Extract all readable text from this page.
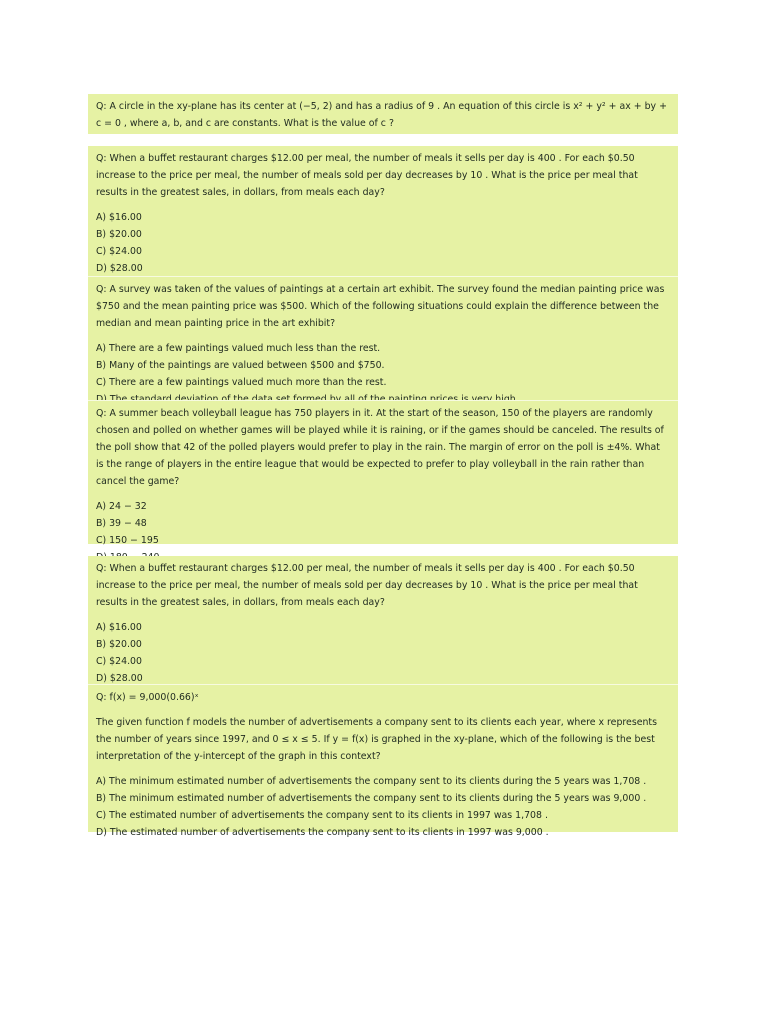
Q: A circle in the xy-plane has its center at (−5, 2) and has a radius of 9 . An equation of this circle is x² + y² + ax + by + c = 0 , where a, b, and c are constants. What is the value of c ?

Q: When a buffet restaurant charges $12.00 per meal, the number of meals it sells per day is 400 . For each $0.50 increase to the price per meal, the number of meals sold per day decreases by 10 . What is the price per meal that results in the greatest sales, in dollars, from meals each day?

A) $16.00
B) $20.00
C) $24.00
D) $28.00

Q: A survey was taken of the values of paintings at a certain art exhibit. The survey found the median painting price was $750 and the mean painting price was $500. Which of the following situations could explain the difference between the median and mean painting price in the art exhibit?

A) There are a few paintings valued much less than the rest.
B) Many of the paintings are valued between $500 and $750.
C) There are a few paintings valued much more than the rest.

Q: A summer beach volleyball league has 750 players in it. At the start of the season, 150 of the players are randomly chosen and polled on whether games will be played while it is raining, or if the games should be canceled. The results of the poll show that 42 of the polled players would prefer to play in the rain. The margin of error on the poll is ±4%. What is the range of players in the entire league that would be expected to prefer to play volleyball in the rain rather than cancel the game?

A) 24 − 32
B) 39 − 48
C) 150 − 195

Q: When a buffet restaurant charges $12.00 per meal, the number of meals it sells per day is 400 . For each $0.50 increase to the price per meal, the number of meals sold per day decreases by 10 . What is the price per meal that results in the greatest sales, in dollars, from meals each day?

A) $16.00
B) $20.00
C) $24.00
D) $28.00

Q: f(x) = 9,000(0.66)ˣ

The given function f models the number of advertisements a company sent to its clients each year, where x represents the number of years since 1997, and 0 ≤ x ≤ 5. If y = f(x) is graphed in the xy-plane, which of the following is the best interpretation of the y-intercept of the graph in this context?

A) The minimum estimated number of advertisements the company sent to its clients during the 5 years was 1,708 .
B) The minimum estimated number of advertisements the company sent to its clients during the 5 years was 9,000 .
C) The estimated number of advertisements the company sent to its clients in 1997 was 1,708 .
D) The estimated number of advertisements the company sent to its clients in 1997 was 9,000 .
